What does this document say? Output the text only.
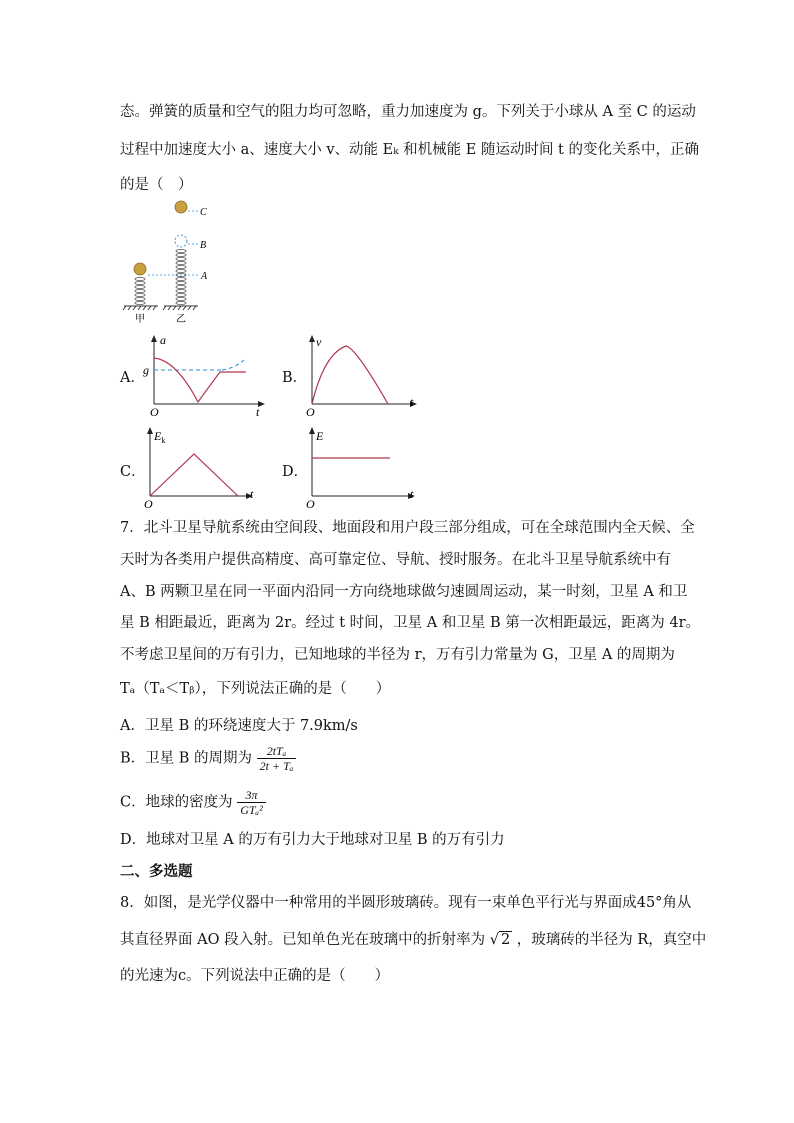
态。弹簧的质量和空气的阻力均可忽略，重力加速度为 g。下列关于小球从 A 至 C 的运动
过程中加速度大小 a、速度大小 v、动能 Eₖ 和机械能 E 随运动时间 t 的变化关系中，正确
的是（　）
C
B
A
甲	乙
A．
a
g
O	t
B．
v
O
t
C．
$E_k$
O
t
D．
E
O
t
7．北斗卫星导航系统由空间段、地面段和用户段三部分组成，可在全球范围内全天候、全
天时为各类用户提供高精度、高可靠定位、导航、授时服务。在北斗卫星导航系统中有
A、B 两颗卫星在同一平面内沿同一方向绕地球做匀速圆周运动，某一时刻，卫星 A 和卫
星 B 相距最近，距离为 2r。经过 t 时间，卫星 A 和卫星 B 第一次相距最远，距离为 4r。
不考虑卫星间的万有引力，已知地球的半径为 r，万有引力常量为 G，卫星 A 的周期为
Tₐ（Tₐ＜Tᵦ），下列说法正确的是（　　）
A．卫星 B 的环绕速度大于 7.9km/s
B．卫星 B 的周期为 $\frac{\text{2tTₐ}}{\text{2t + Tₐ}}$
C．地球的密度为 $\frac{3\pi}{\text{GTₐ²}}$
D．地球对卫星 A 的万有引力大于地球对卫星 B 的万有引力
二、多选题
8．如图，是光学仪器中一种常用的半圆形玻璃砖。现有一束单色平行光与界面成45°角从
其直径界面 AO 段入射。已知单色光在玻璃中的折射率为 √ 2 ，玻璃砖的半径为 R，真空中
的光速为c。下列说法中正确的是（　　）
